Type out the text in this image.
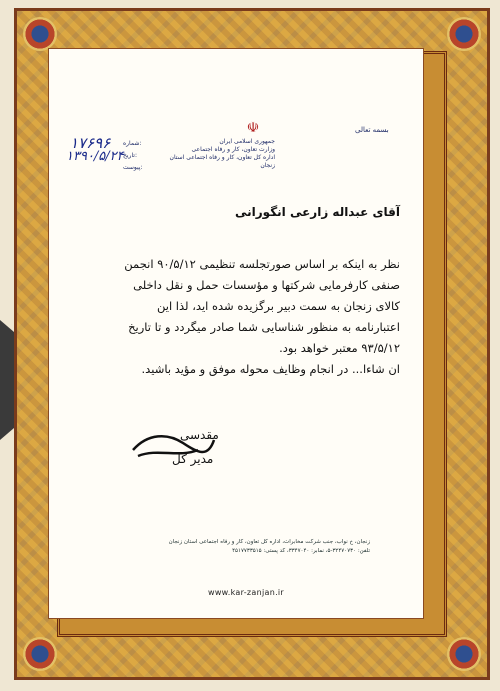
بسمه تعالی
☫
جمهوری اسلامی ایران
وزارت تعاون، کار و رفاه اجتماعی
اداره کل تعاون، کار و رفاه اجتماعی استان زنجان
شماره:
۱۷۶۹۶
تاریخ:
۱۳۹۰/۵/۲۴
پیوست:
آقای عبداله زارعی انگورانی
نظر به اینکه بر اساس صورتجلسه تنظیمی ۹۰/۵/۱۲ انجمن
صنفی کارفرمایی شرکتها و مؤسسات حمل و نقل داخلی
کالای زنجان به سمت دبیر برگزیده شده اید، لذا این
اعتبارنامه به منظور شناسایی شما صادر میگردد و تا تاریخ
۹۳/۵/۱۲ معتبر خواهد بود.
ان شاءا... در انجام وظایف محوله موفق و مؤید باشید.
مقدسی
مدیر کل
زنجان، خ نواب، جنب شرکت مخابرات، اداره کل تعاون، کار و رفاه اجتماعی استان زنجان
تلفن: ۳۲۴۷۰۷۳۰-۵، نمابر: ۳۳۴۷۰۴۰، کد پستی: ۴۵۱۷۷۳۳۵۱۵
www.kar-zanjan.ir
